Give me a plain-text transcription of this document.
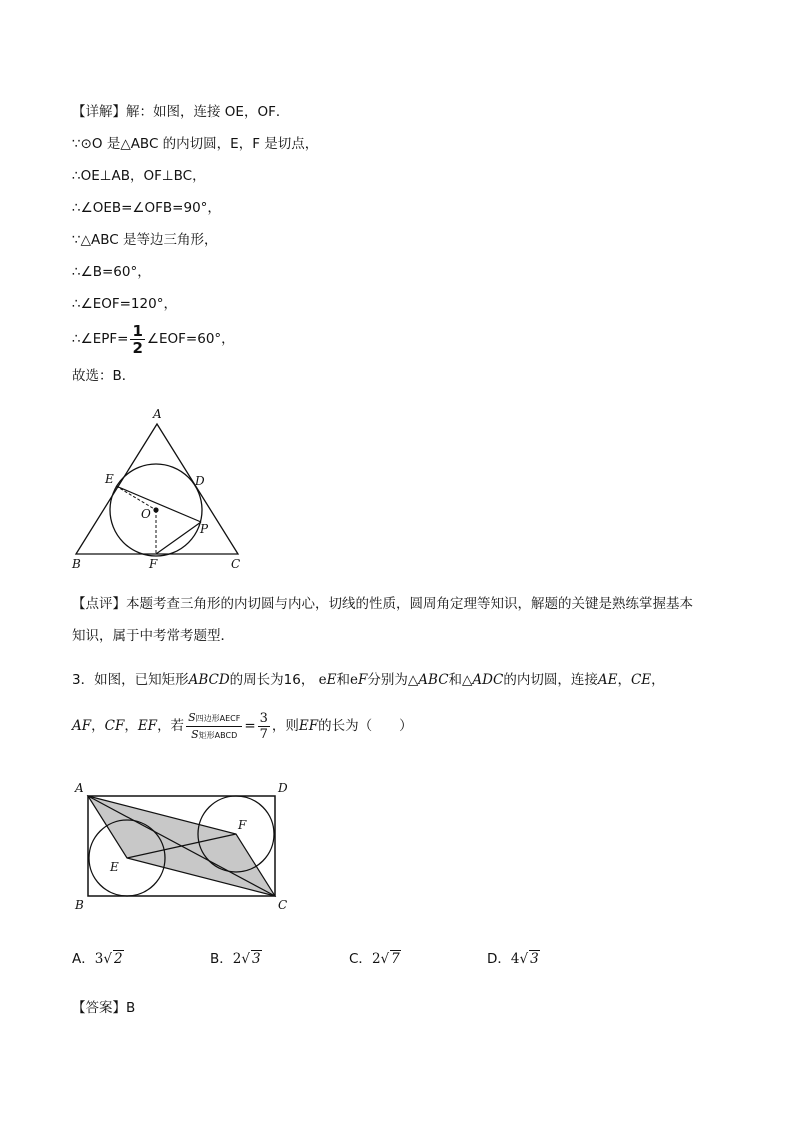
【详解】解：如图，连接 OE，OF．
∵⊙O 是△ABC 的内切圆，E，F 是切点，
∴OE⊥AB，OF⊥BC，
∴∠OEB=∠OFB=90°，
∵△ABC 是等边三角形，
∴∠B=60°，
∴∠EOF=120°，
∴∠EPF= $\frac{1}{2}$ ∠EOF=60°，
故选：B．
A
B	C
D
E
F
O
P
【点评】本题考查三角形的内切圆与内心，切线的性质，圆周角定理等知识，解题的关键是熟练掌握基本
知识，属于中考常考题型．
3．如图，已知矩形ABCD的周长为16， eE和eF分别为△ABC和△ADC的内切圆，连接AE，CE，
AF，CF，EF，若 $\frac{\text{S四边形AECF}}{\text{S矩形ABCD}} = \frac{3}{7}$ ，则EF的长为（　　）
A
B	C
D
E
F
A．3√ 2	B．2√ 3	C．2√ 7	D．4√ 3
【答案】B
